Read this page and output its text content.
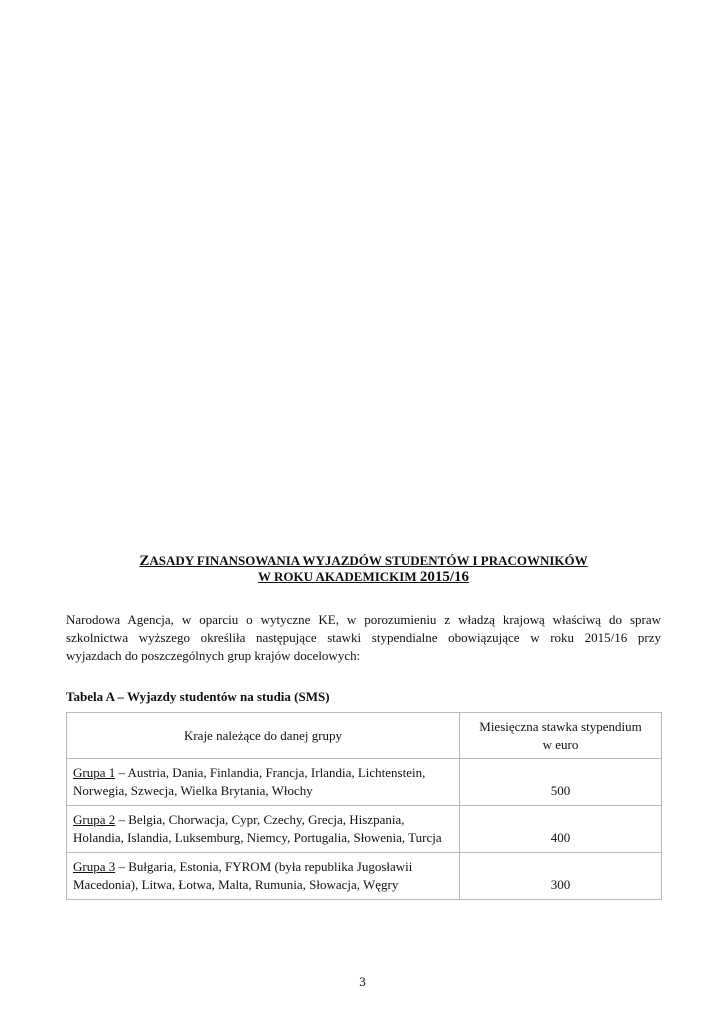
ZASADY FINANSOWANIA WYJAZDÓW STUDENTÓW I PRACOWNIKÓW
W ROKU AKADEMICKIM 2015/16
Narodowa Agencja, w oparciu o wytyczne KE, w porozumieniu z władzą krajową właściwą do spraw
szkolnictwa wyższego określiła następujące stawki stypendialne obowiązujące w roku 2015/16 przy
wyjazdach do poszczególnych grup krajów docelowych:
Tabela A – Wyjazdy studentów na studia (SMS)
Kraje należące do danej grupy	Miesięczna stawka stypendium
w euro

Grupa 1 – Austria, Dania, Finlandia, Francja, Irlandia, Lichtenstein,
Norwegia, Szwecja, Wielka Brytania, Włochy	500

Grupa 2 – Belgia, Chorwacja, Cypr, Czechy, Grecja, Hiszpania,
Holandia, Islandia, Luksemburg, Niemcy, Portugalia, Słowenia, Turcja	400

Grupa 3 – Bułgaria, Estonia, FYROM (była republika Jugosławii
Macedonia), Litwa, Łotwa, Malta, Rumunia, Słowacja, Węgry	300
3
